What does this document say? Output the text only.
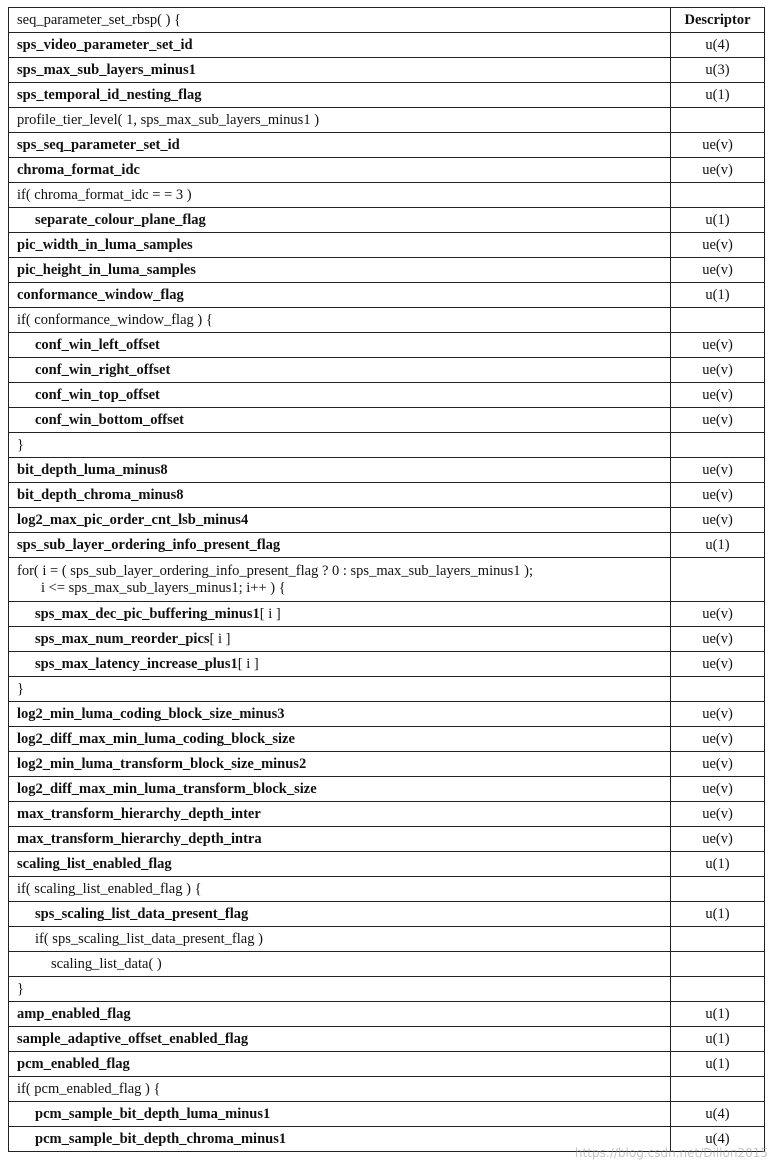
seq_parameter_set_rbsp( ) {	Descriptor
sps_video_parameter_set_id	u(4)
sps_max_sub_layers_minus1	u(3)
sps_temporal_id_nesting_flag	u(1)
profile_tier_level( 1, sps_max_sub_layers_minus1 )	
sps_seq_parameter_set_id	ue(v)
chroma_format_idc	ue(v)
if( chroma_format_idc = = 3 )	
separate_colour_plane_flag	u(1)
pic_width_in_luma_samples	ue(v)
pic_height_in_luma_samples	ue(v)
conformance_window_flag	u(1)
if( conformance_window_flag ) {	
conf_win_left_offset	ue(v)
conf_win_right_offset	ue(v)
conf_win_top_offset	ue(v)
conf_win_bottom_offset	ue(v)
}	
bit_depth_luma_minus8	ue(v)
bit_depth_chroma_minus8	ue(v)
log2_max_pic_order_cnt_lsb_minus4	ue(v)
sps_sub_layer_ordering_info_present_flag	u(1)
for( i = ( sps_sub_layer_ordering_info_present_flag ? 0 : sps_max_sub_layers_minus1 );
i <= sps_max_sub_layers_minus1; i++ ) {	

sps_max_dec_pic_buffering_minus1[ i ]	ue(v)
sps_max_num_reorder_pics[ i ]	ue(v)
sps_max_latency_increase_plus1[ i ]	ue(v)
}	
log2_min_luma_coding_block_size_minus3	ue(v)
log2_diff_max_min_luma_coding_block_size	ue(v)
log2_min_luma_transform_block_size_minus2	ue(v)
log2_diff_max_min_luma_transform_block_size	ue(v)
max_transform_hierarchy_depth_inter	ue(v)
max_transform_hierarchy_depth_intra	ue(v)
scaling_list_enabled_flag	u(1)
if( scaling_list_enabled_flag ) {	
sps_scaling_list_data_present_flag	u(1)
if( sps_scaling_list_data_present_flag )	
scaling_list_data( )	
}	
amp_enabled_flag	u(1)
sample_adaptive_offset_enabled_flag	u(1)
pcm_enabled_flag	u(1)
if( pcm_enabled_flag ) {	
pcm_sample_bit_depth_luma_minus1	u(4)
pcm_sample_bit_depth_chroma_minus1	u(4)
https://blog.csdn.net/Dillon2015
